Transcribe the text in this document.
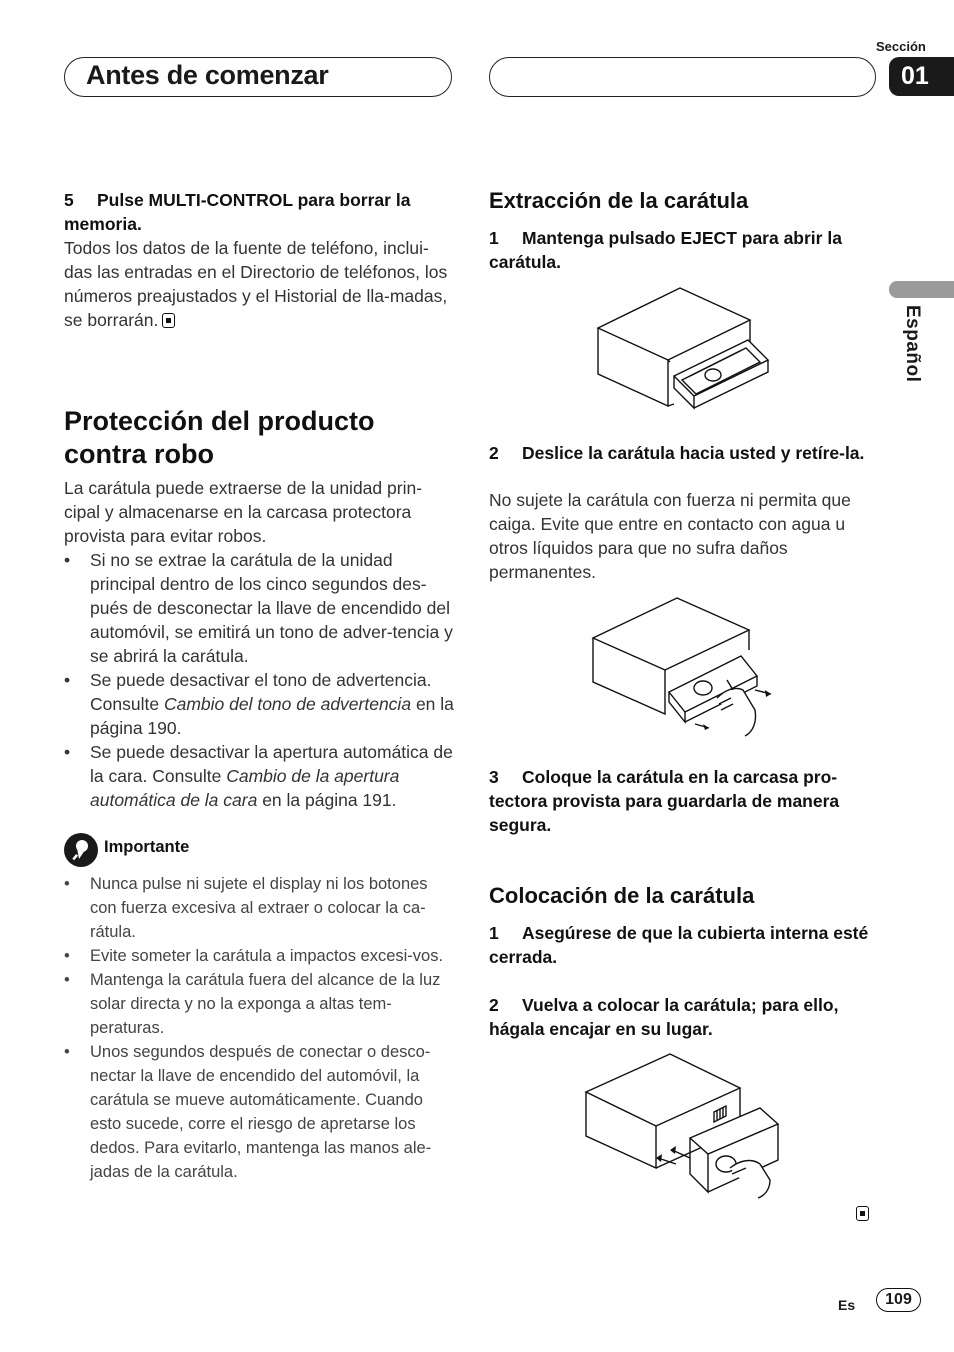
Antes de comenzar
Sección
01
Español
5 Pulse MULTI-CONTROL para borrar la memoria.
Todos los datos de la fuente de teléfono, inclui-das las entradas en el Directorio de teléfonos, los números preajustados y el Historial de lla-madas, se borrarán.
Protección del producto contra robo
La carátula puede extraerse de la unidad prin-cipal y almacenarse en la carcasa protectora provista para evitar robos.
• Si no se extrae la carátula de la unidad principal dentro de los cinco segundos des-pués de desconectar la llave de encendido del automóvil, se emitirá un tono de adver-tencia y se abrirá la carátula.
• Se puede desactivar el tono de advertencia. Consulte Cambio del tono de advertencia en la página 190.
• Se puede desactivar la apertura automática de la cara. Consulte Cambio de la apertura automática de la cara en la página 191.
Importante
• Nunca pulse ni sujete el display ni los botones con fuerza excesiva al extraer o colocar la ca-rátula.
• Evite someter la carátula a impactos excesi-vos.
• Mantenga la carátula fuera del alcance de la luz solar directa y no la exponga a altas tem-peraturas.
• Unos segundos después de conectar o desco-nectar la llave de encendido del automóvil, la carátula se mueve automáticamente. Cuando esto sucede, corre el riesgo de apretarse los dedos. Para evitarlo, mantenga las manos ale-jadas de la carátula.
Extracción de la carátula
1 Mantenga pulsado EJECT para abrir la carátula.
2 Deslice la carátula hacia usted y retíre-la.
No sujete la carátula con fuerza ni permita que caiga. Evite que entre en contacto con agua u otros líquidos para que no sufra daños permanentes.
3 Coloque la carátula en la carcasa pro-tectora provista para guardarla de manera segura.
Colocación de la carátula
1 Asegúrese de que la cubierta interna esté cerrada.
2 Vuelva a colocar la carátula; para ello, hágala encajar en su lugar.
Es	109
